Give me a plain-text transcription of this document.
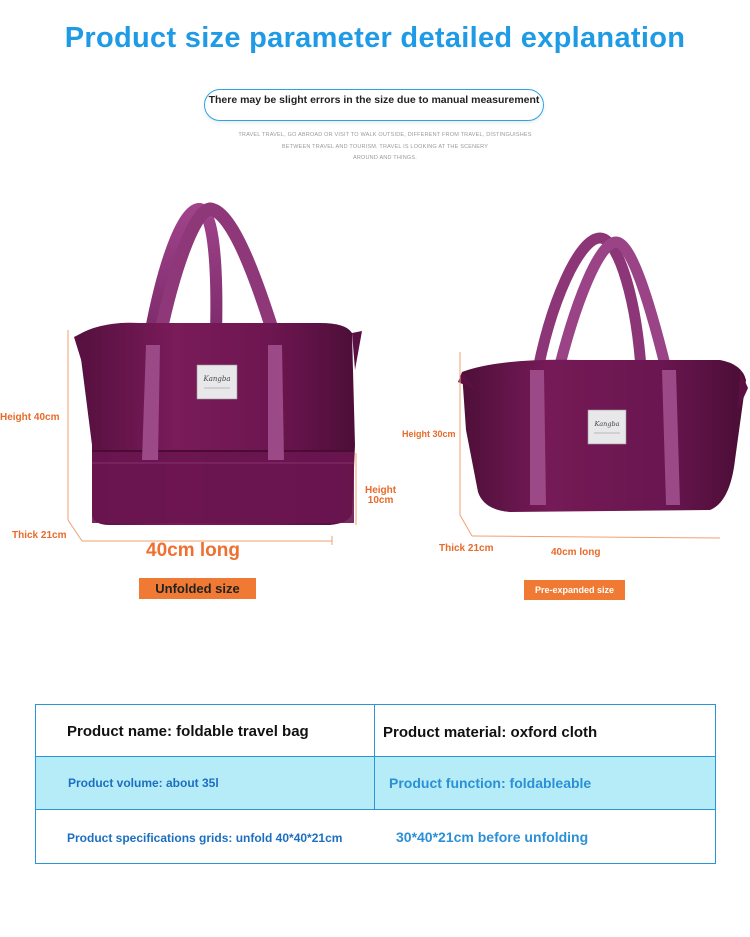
Product size parameter detailed explanation
There may be slight errors in the size due to manual measurement
TRAVEL TRAVEL, GO ABROAD OR VISIT TO WALK OUTSIDE, DIFFERENT FROM TRAVEL, DISTINGUISHES
BETWEEN TRAVEL AND TOURISM. TRAVEL IS LOOKING AT THE SCENERY
AROUND AND THINGS.
Kangba
Height 40cm
Thick 21cm
40cm long
Height
10cm
Unfolded size
Kangba
Height 30cm
Thick 21cm	40cm long
Pre-expanded size
Product name: foldable travel bag	Product material: oxford cloth
Product volume: about 35l	Product function: foldableable
Product specifications grids: unfold 40*40*21cm	30*40*21cm before unfolding
